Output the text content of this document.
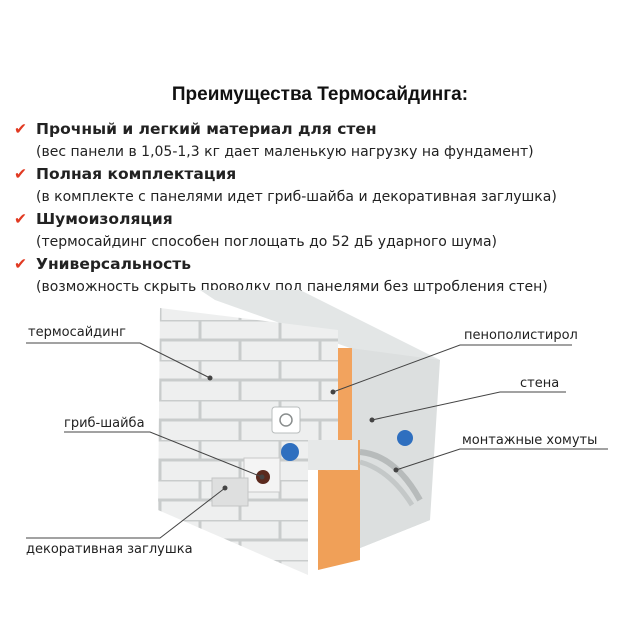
Преимущества Термосайдинга:
✔ Прочный и легкий материал для стен
(вес панели в 1,05-1,3 кг дает маленькую нагрузку на фундамент)
✔ Полная комплектация
(в комплекте с панелями идет гриб-шайба и декоративная заглушка)
✔ Шумоизоляция
(термосайдинг способен поглощать до 52 дБ ударного шума)
✔ Универсальность
(возможность скрыть проводку под панелями без штробления стен)
термосайдинг	пенополистирол
стена
гриб-шайба
монтажные хомуты
декоративная заглушка
